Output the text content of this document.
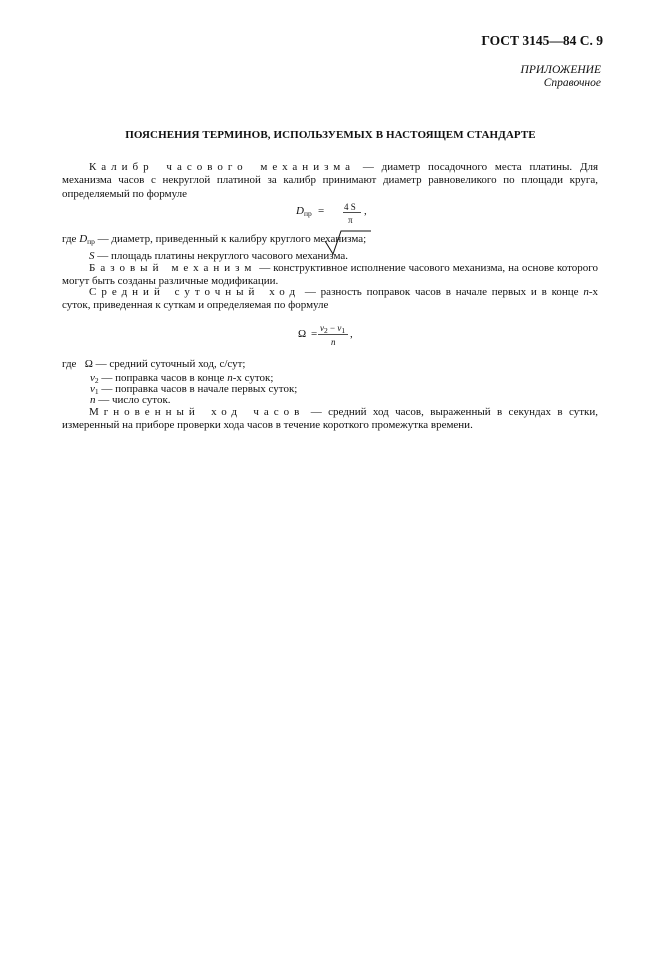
ГОСТ 3145—84 С. 9
ПРИЛОЖЕНИЕ
Справочное
ПОЯСНЕНИЯ ТЕРМИНОВ, ИСПОЛЬЗУЕМЫХ В НАСТОЯЩЕМ СТАНДАРТЕ

Калибр часового механизма — диаметр посадочного места платины. Для механизма часов с некруглой платиной за калибр принимают диаметр равновеликого по площади круга, определяемый по формуле

$D_{пр} = 4$ S
π
,
где $D_{пр}$ — диаметр, приведенный к калибру круглого механизма;
S — площадь платины некруглого часового механизма.

Базовый механизм — конструктивное исполнение часового механизма, на основе которого могут быть созданы различные модификации.

Средний суточный ход — разность поправок часов в начале первых и в конце n-х суток, приведенная к суткам и определяемая по формуле

$\Omega = v_2 - v_1$
n
,
где Ω — средний суточный ход, с/сут;
$v_2$ — поправка часов в конце n-х суток;
$v_1$ — поправка часов в начале первых суток;
n — число суток.

Мгновенный ход часов — средний ход часов, выраженный в секундах в сутки, измеренный на приборе проверки хода часов в течение короткого промежутка времени.
